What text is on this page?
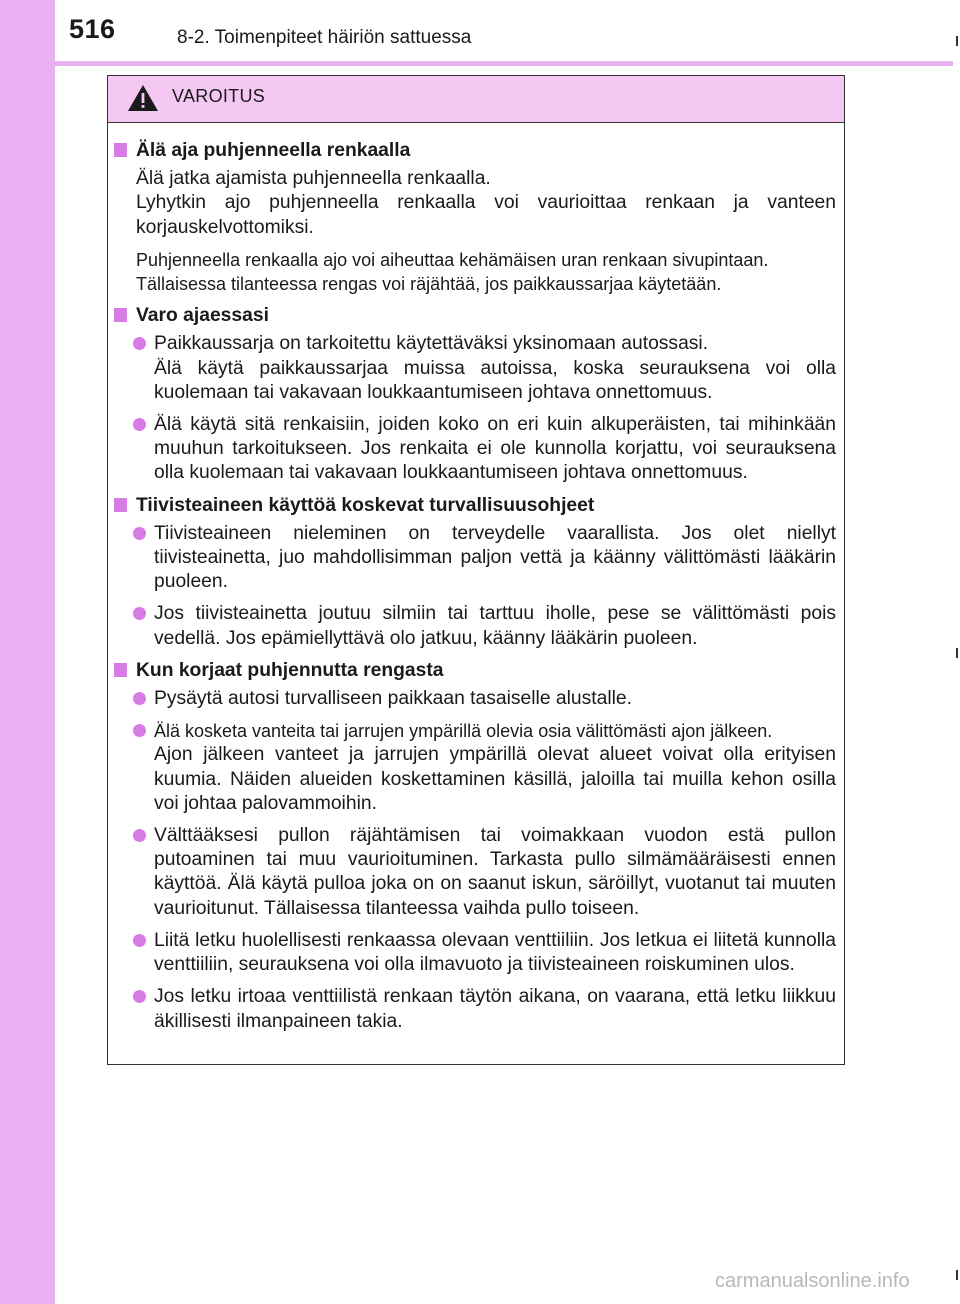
516	8-2. Toimenpiteet häiriön sattuessa
VAROITUS
Älä aja puhjenneella renkaalla
Älä jatka ajamista puhjenneella renkaalla.
Lyhytkin ajo puhjenneella renkaalla voi vaurioittaa renkaan ja vanteen korjauskelvottomiksi.
Puhjenneella renkaalla ajo voi aiheuttaa kehämäisen uran renkaan sivupintaan.
Tällaisessa tilanteessa rengas voi räjähtää, jos paikkaussarjaa käytetään.
Varo ajaessasi
Paikkaussarja on tarkoitettu käytettäväksi yksinomaan autossasi.
Älä käytä paikkaussarjaa muissa autoissa, koska seurauksena voi olla kuolemaan tai vakavaan loukkaantumiseen johtava onnettomuus.
Älä käytä sitä renkaisiin, joiden koko on eri kuin alkuperäisten, tai mihinkään muuhun tarkoitukseen. Jos renkaita ei ole kunnolla korjattu, voi seurauksena olla kuolemaan tai vakavaan loukkaantumiseen johtava onnettomuus.
Tiivisteaineen käyttöä koskevat turvallisuusohjeet
Tiivisteaineen nieleminen on terveydelle vaarallista. Jos olet niellyt tiivisteainetta, juo mahdollisimman paljon vettä ja käänny välittömästi lääkärin puoleen.
Jos tiivisteainetta joutuu silmiin tai tarttuu iholle, pese se välittömästi pois vedellä. Jos epämiellyttävä olo jatkuu, käänny lääkärin puoleen.
Kun korjaat puhjennutta rengasta
Pysäytä autosi turvalliseen paikkaan tasaiselle alustalle.
Älä kosketa vanteita tai jarrujen ympärillä olevia osia välittömästi ajon jälkeen.
Ajon jälkeen vanteet ja jarrujen ympärillä olevat alueet voivat olla erityisen kuumia. Näiden alueiden koskettaminen käsillä, jaloilla tai muilla kehon osilla voi johtaa palovammoihin.
Välttääksesi pullon räjähtämisen tai voimakkaan vuodon estä pullon putoaminen tai muu vaurioituminen. Tarkasta pullo silmämääräisesti ennen käyttöä. Älä käytä pulloa joka on on saanut iskun, säröillyt, vuotanut tai muuten vaurioitunut. Tällaisessa tilanteessa vaihda pullo toiseen.
Liitä letku huolellisesti renkaassa olevaan venttiiliin. Jos letkua ei liitetä kunnolla venttiiliin, seurauksena voi olla ilmavuoto ja tiivisteaineen roiskuminen ulos.
Jos letku irtoaa venttiilistä renkaan täytön aikana, on vaarana, että letku liikkuu äkillisesti ilmanpaineen takia.
carmanualsonline.info
